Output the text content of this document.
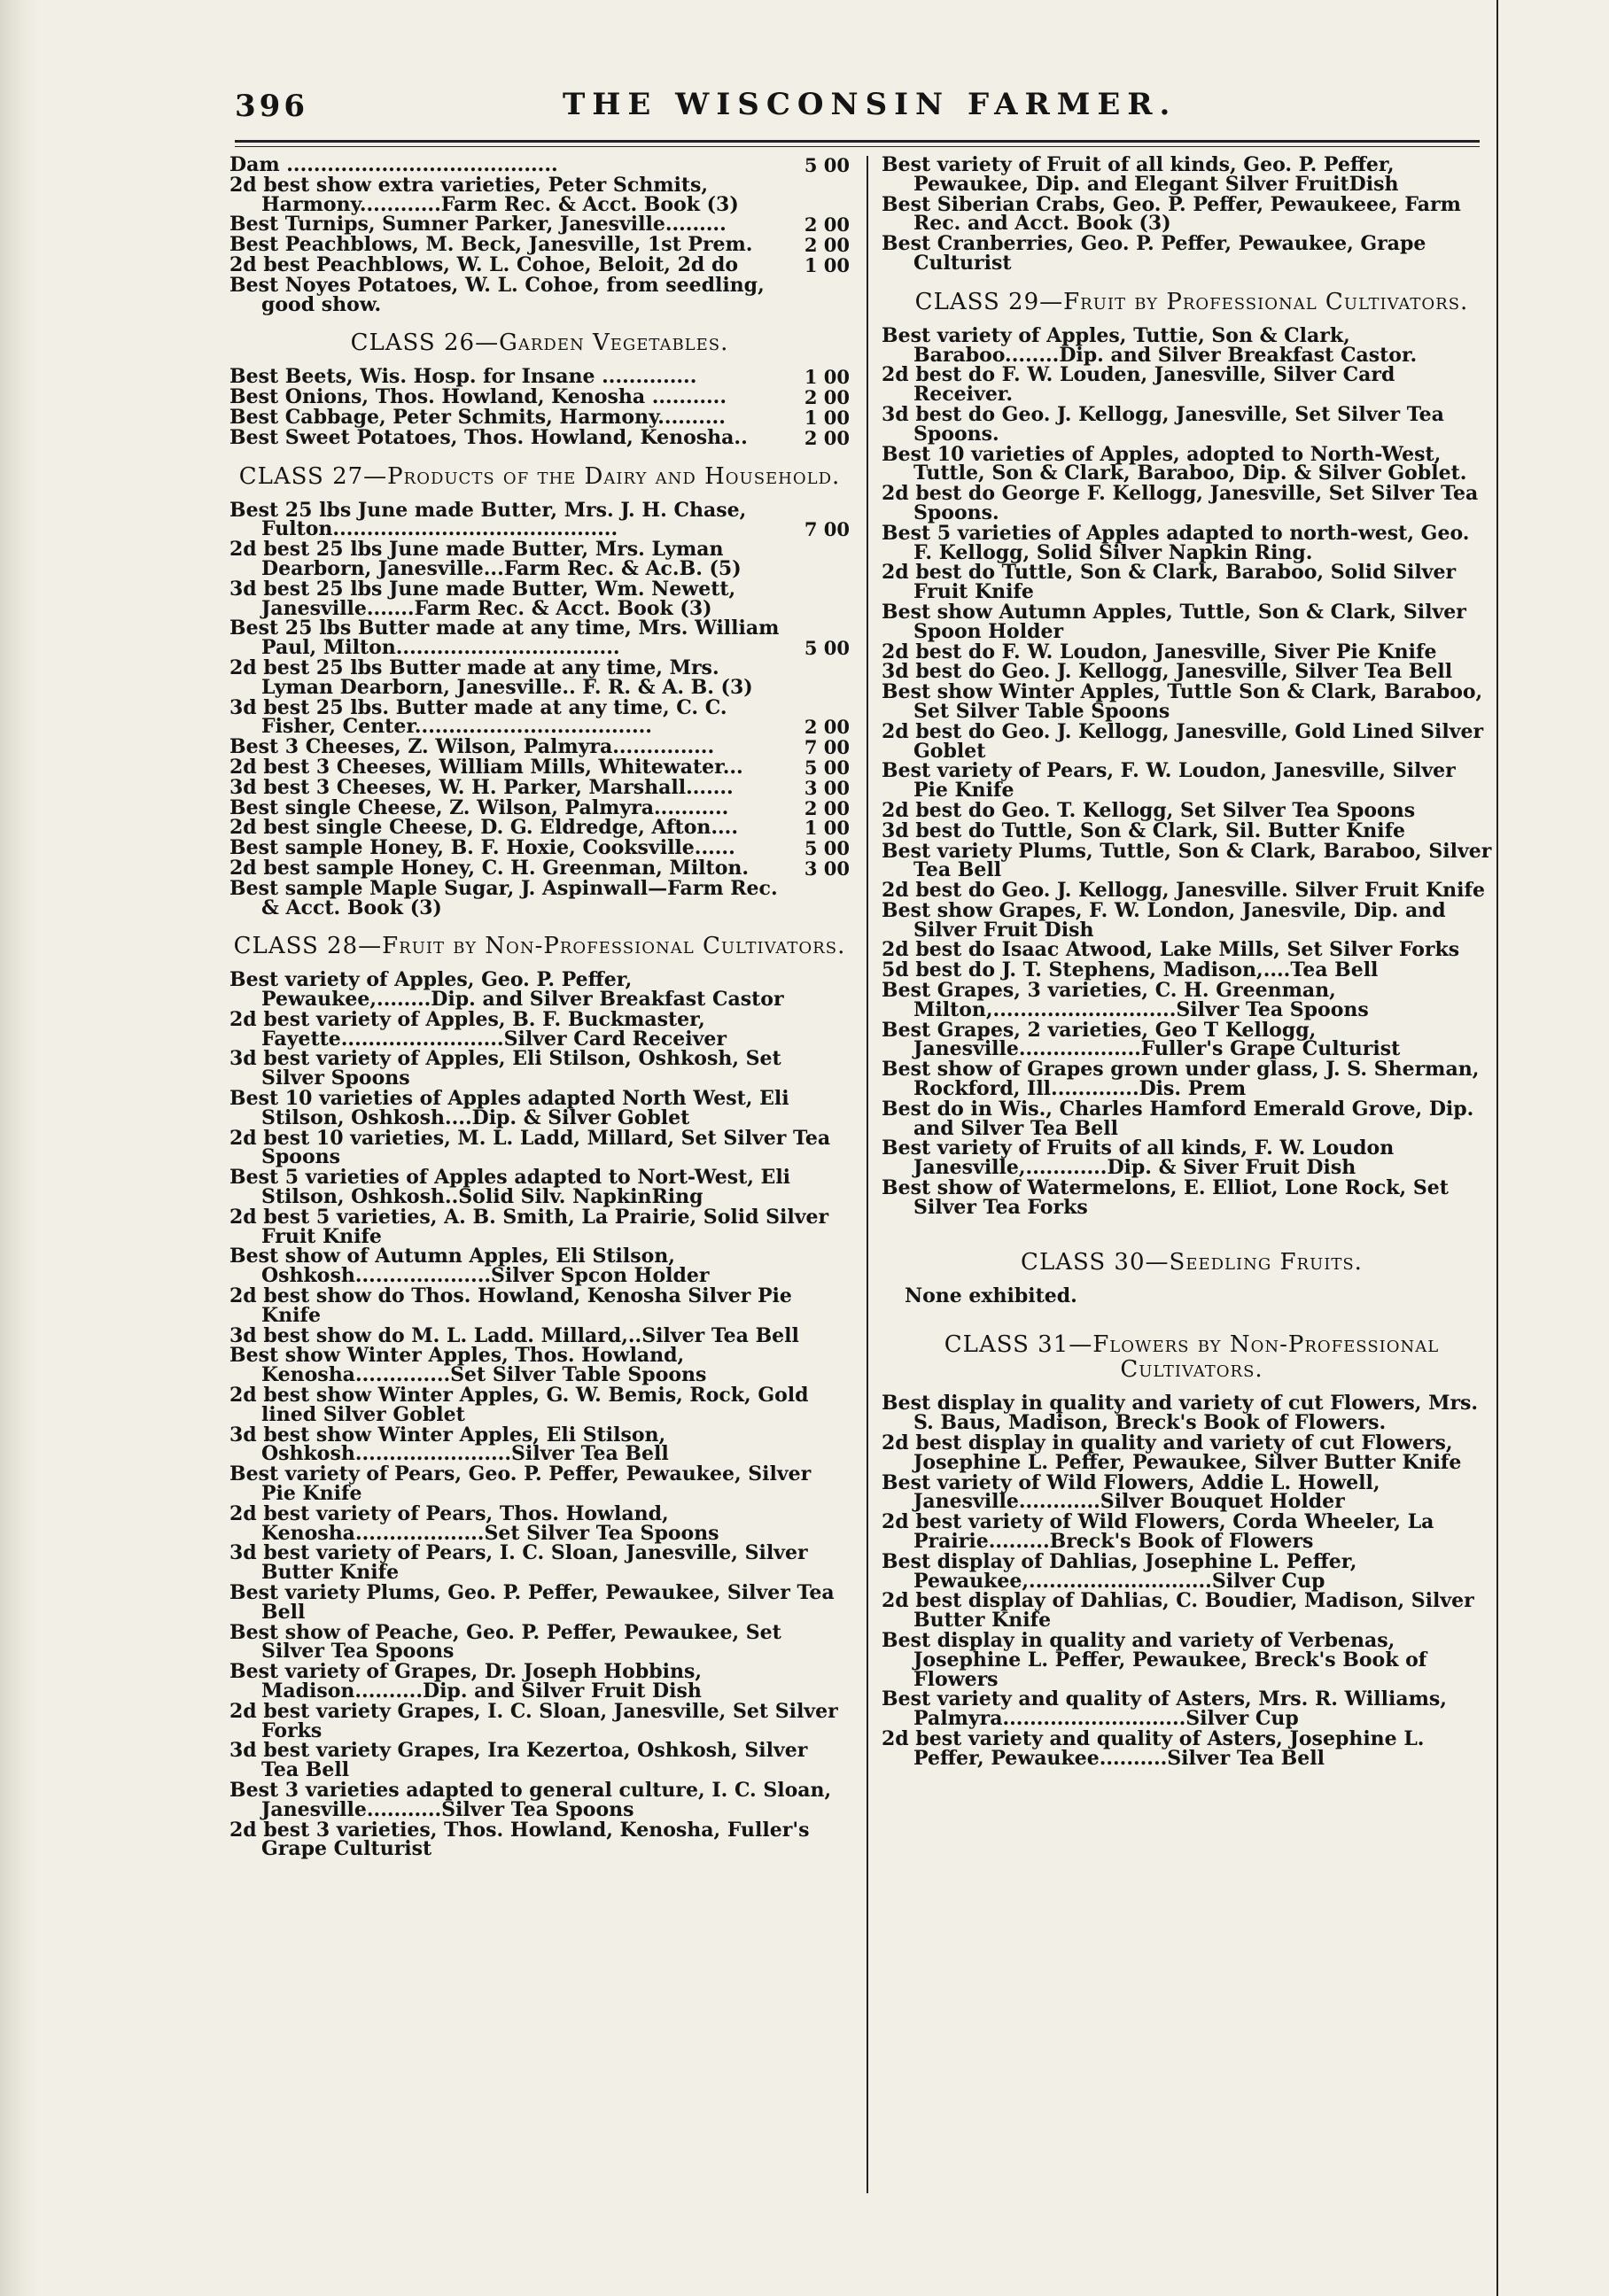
396	THE WISCONSIN FARMER.
Dam ........................................	5 00
2d best show extra varieties, Peter Schmits, Harmony............Farm Rec. & Acct. Book (3)
Best Turnips, Sumner Parker, Janesville.........	2 00
Best Peachblows, M. Beck, Janesville, 1st Prem.	2 00
2d best Peachblows, W. L. Cohoe, Beloit, 2d do	1 00
Best Noyes Potatoes, W. L. Cohoe, from seedling, good show.
CLASS 26—Garden Vegetables.
Best Beets, Wis. Hosp. for Insane ..............	1 00
Best Onions, Thos. Howland, Kenosha ...........	2 00
Best Cabbage, Peter Schmits, Harmony..........	1 00
Best Sweet Potatoes, Thos. Howland, Kenosha..	2 00
CLASS 27—Products of the Dairy and Household.
Best 25 lbs June made Butter, Mrs. J. H. Chase, Fulton..........................................	7 00
2d best 25 lbs June made Butter, Mrs. Lyman Dearborn, Janesville...Farm Rec. & Ac.B. (5)
3d best 25 lbs June made Butter, Wm. Newett, Janesville.......Farm Rec. & Acct. Book (3)
Best 25 lbs Butter made at any time, Mrs. William Paul, Milton.................................	5 00
2d best 25 lbs Butter made at any time, Mrs. Lyman Dearborn, Janesville.. F. R. & A. B. (3)
3d best 25 lbs. Butter made at any time, C. C. Fisher, Center...................................	2 00
Best 3 Cheeses, Z. Wilson, Palmyra...............	7 00
2d best 3 Cheeses, William Mills, Whitewater...	5 00
3d best 3 Cheeses, W. H. Parker, Marshall.......	3 00
Best single Cheese, Z. Wilson, Palmyra...........	2 00
2d best single Cheese, D. G. Eldredge, Afton....	1 00
Best sample Honey, B. F. Hoxie, Cooksville......	5 00
2d best sample Honey, C. H. Greenman, Milton.	3 00
Best sample Maple Sugar, J. Aspinwall—Farm Rec. & Acct. Book (3)
CLASS 28—Fruit by Non-Professional Cultivators.
Best variety of Apples, Geo. P. Peffer, Pewaukee,........Dip. and Silver Breakfast Castor
2d best variety of Apples, B. F. Buckmaster, Fayette........................Silver Card Receiver
3d best variety of Apples, Eli Stilson, Oshkosh, Set Silver Spoons
Best 10 varieties of Apples adapted North West, Eli Stilson, Oshkosh....Dip. & Silver Goblet
2d best 10 varieties, M. L. Ladd, Millard, Set Silver Tea Spoons
Best 5 varieties of Apples adapted to Nort-West, Eli Stilson, Oshkosh..Solid Silv. NapkinRing
2d best 5 varieties, A. B. Smith, La Prairie, Solid Silver Fruit Knife
Best show of Autumn Apples, Eli Stilson, Oshkosh....................Silver Spcon Holder
2d best show do Thos. Howland, Kenosha Silver Pie Knife
3d best show do M. L. Ladd. Millard,..Silver Tea Bell
Best show Winter Apples, Thos. Howland, Kenosha..............Set Silver Table Spoons
2d best show Winter Apples, G. W. Bemis, Rock, Gold lined Silver Goblet
3d best show Winter Apples, Eli Stilson, Oshkosh.......................Silver Tea Bell
Best variety of Pears, Geo. P. Peffer, Pewaukee, Silver Pie Knife
2d best variety of Pears, Thos. Howland, Kenosha...................Set Silver Tea Spoons
3d best variety of Pears, I. C. Sloan, Janesville, Silver Butter Knife
Best variety Plums, Geo. P. Peffer, Pewaukee, Silver Tea Bell
Best show of Peache, Geo. P. Peffer, Pewaukee, Set Silver Tea Spoons
Best variety of Grapes, Dr. Joseph Hobbins, Madison..........Dip. and Silver Fruit Dish
2d best variety Grapes, I. C. Sloan, Janesville, Set Silver Forks
3d best variety Grapes, Ira Kezertoa, Oshkosh, Silver Tea Bell
Best 3 varieties adapted to general culture, I. C. Sloan, Janesville...........Silver Tea Spoons
2d best 3 varieties, Thos. Howland, Kenosha, Fuller's Grape Culturist
Best variety of Fruit of all kinds, Geo. P. Peffer, Pewaukee, Dip. and Elegant Silver FruitDish
Best Siberian Crabs, Geo. P. Peffer, Pewaukeee, Farm Rec. and Acct. Book (3)
Best Cranberries, Geo. P. Peffer, Pewaukee, Grape Culturist
CLASS 29—Fruit by Professional Cultivators.
Best variety of Apples, Tuttie, Son & Clark, Baraboo........Dip. and Silver Breakfast Castor.
2d best do F. W. Louden, Janesville, Silver Card Receiver.
3d best do Geo. J. Kellogg, Janesville, Set Silver Tea Spoons.
Best 10 varieties of Apples, adopted to North-West, Tuttle, Son & Clark, Baraboo, Dip. & Silver Goblet.
2d best do George F. Kellogg, Janesville, Set Silver Tea Spoons.
Best 5 varieties of Apples adapted to north-west, Geo. F. Kellogg, Solid Silver Napkin Ring.
2d best do Tuttle, Son & Clark, Baraboo, Solid Silver Fruit Knife
Best show Autumn Apples, Tuttle, Son & Clark, Silver Spoon Holder
2d best do F. W. Loudon, Janesville, Siver Pie Knife
3d best do Geo. J. Kellogg, Janesville, Silver Tea Bell
Best show Winter Apples, Tuttle Son & Clark, Baraboo, Set Silver Table Spoons
2d best do Geo. J. Kellogg, Janesville, Gold Lined Silver Goblet
Best variety of Pears, F. W. Loudon, Janesville, Silver Pie Knife
2d best do Geo. T. Kellogg, Set Silver Tea Spoons
3d best do Tuttle, Son & Clark, Sil. Butter Knife
Best variety Plums, Tuttle, Son & Clark, Baraboo, Silver Tea Bell
2d best do Geo. J. Kellogg, Janesville. Silver Fruit Knife
Best show Grapes, F. W. London, Janesvile, Dip. and Silver Fruit Dish
2d best do Isaac Atwood, Lake Mills, Set Silver Forks
5d best do J. T. Stephens, Madison,....Tea Bell
Best Grapes, 3 varieties, C. H. Greenman, Milton,...........................Silver Tea Spoons
Best Grapes, 2 varieties, Geo T Kellogg, Janesville..................Fuller's Grape Culturist
Best show of Grapes grown under glass, J. S. Sherman, Rockford, Ill.............Dis. Prem
Best do in Wis., Charles Hamford Emerald Grove, Dip. and Silver Tea Bell
Best variety of Fruits of all kinds, F. W. Loudon Janesville,............Dip. & Siver Fruit Dish
Best show of Watermelons, E. Elliot, Lone Rock, Set Silver Tea Forks
CLASS 30—Seedling Fruits.
None exhibited.
CLASS 31—Flowers by Non-Professional Cultivators.
Best display in quality and variety of cut Flowers, Mrs. S. Baus, Madison, Breck's Book of Flowers.
2d best display in quality and variety of cut Flowers, Josephine L. Peffer, Pewaukee, Silver Butter Knife
Best variety of Wild Flowers, Addie L. Howell, Janesville............Silver Bouquet Holder
2d best variety of Wild Flowers, Corda Wheeler, La Prairie.........Breck's Book of Flowers
Best display of Dahlias, Josephine L. Peffer, Pewaukee,...........................Silver Cup
2d best display of Dahlias, C. Boudier, Madison, Silver Butter Knife
Best display in quality and variety of Verbenas, Josephine L. Peffer, Pewaukee, Breck's Book of Flowers
Best variety and quality of Asters, Mrs. R. Williams, Palmyra...........................Silver Cup
2d best variety and quality of Asters, Josephine L. Peffer, Pewaukee..........Silver Tea Bell
